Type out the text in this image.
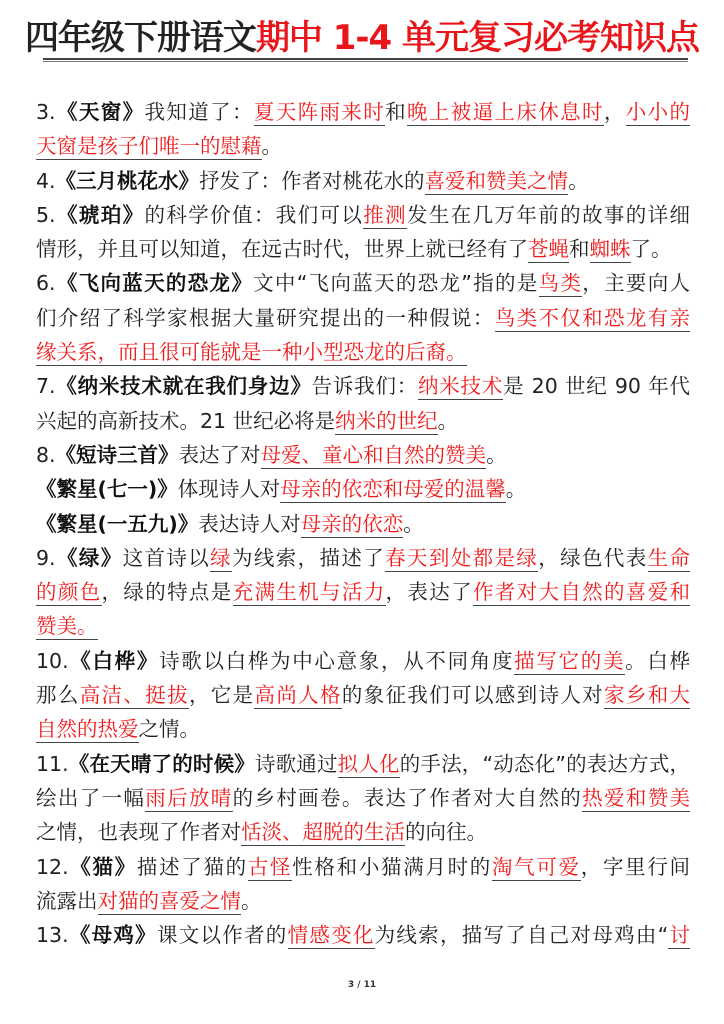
四年级下册语文期中 1-4 单元复习必考知识点
3.《天窗》我知道了：夏天阵雨来时和晚上被逼上床休息时，小小的
天窗是孩子们唯一的慰藉。
4.《三月桃花水》抒发了：作者对桃花水的喜爱和赞美之情。
5.《琥珀》的科学价值：我们可以推测发生在几万年前的故事的详细
情形，并且可以知道，在远古时代，世界上就已经有了苍蝇和蜘蛛了。
6.《飞向蓝天的恐龙》文中“飞向蓝天的恐龙”指的是鸟类，主要向人
们介绍了科学家根据大量研究提出的一种假说：鸟类不仅和恐龙有亲
缘关系，而且很可能就是一种小型恐龙的后裔。
7.《纳米技术就在我们身边》告诉我们：纳米技术是 20 世纪 90 年代
兴起的高新技术。21 世纪必将是纳米的世纪。
8.《短诗三首》表达了对母爱、童心和自然的赞美。
《繁星(七一)》体现诗人对母亲的依恋和母爱的温馨。
《繁星(一五九)》表达诗人对母亲的依恋。
9.《绿》这首诗以绿为线索，描述了春天到处都是绿，绿色代表生命
的颜色，绿的特点是充满生机与活力，表达了作者对大自然的喜爱和
赞美。
10.《白桦》诗歌以白桦为中心意象，从不同角度描写它的美。白桦
那么高洁、挺拔，它是高尚人格的象征我们可以感到诗人对家乡和大
自然的热爱之情。
11.《在天晴了的时候》诗歌通过拟人化的手法，“动态化”的表达方式，
绘出了一幅雨后放晴的乡村画卷。表达了作者对大自然的热爱和赞美
之情，也表现了作者对恬淡、超脱的生活的向往。
12.《猫》描述了猫的古怪性格和小猫满月时的淘气可爱，字里行间
流露出对猫的喜爱之情。
13.《母鸡》课文以作者的情感变化为线索，描写了自己对母鸡由“讨
3 / 11
